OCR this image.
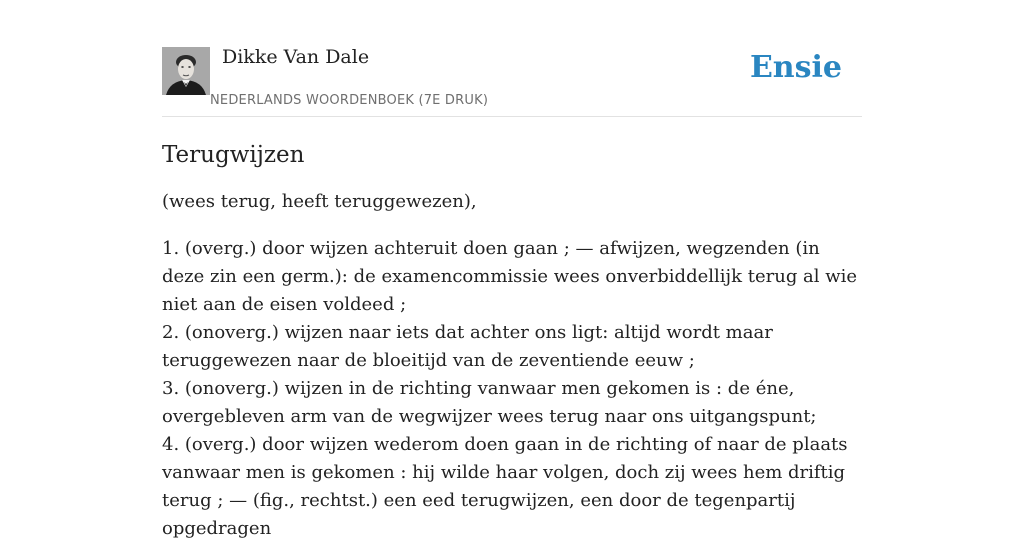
Dikke Van Dale
NEDERLANDS WOORDENBOEK (7E DRUK)
Ensie
Terugwijzen

(wees terug, heeft teruggewezen),

1. (overg.) door wijzen achteruit doen gaan ; — afwijzen, wegzenden (in deze zin een germ.): de examencommissie wees onverbiddellijk terug al wie niet aan de eisen voldeed ;
2. (onoverg.) wijzen naar iets dat achter ons ligt: altijd wordt maar teruggewezen naar de bloeitijd van de zeventiende eeuw ;
3. (onoverg.) wijzen in de richting vanwaar men gekomen is : de éne, overgebleven arm van de wegwijzer wees terug naar ons uitgangspunt;
4. (overg.) door wijzen wederom doen gaan in de richting of naar de plaats vanwaar men is gekomen : hij wilde haar volgen, doch zij wees hem driftig terug ; — (fig., rechtst.) een eed terugwijzen, een door de tegenpartij opgedragen
